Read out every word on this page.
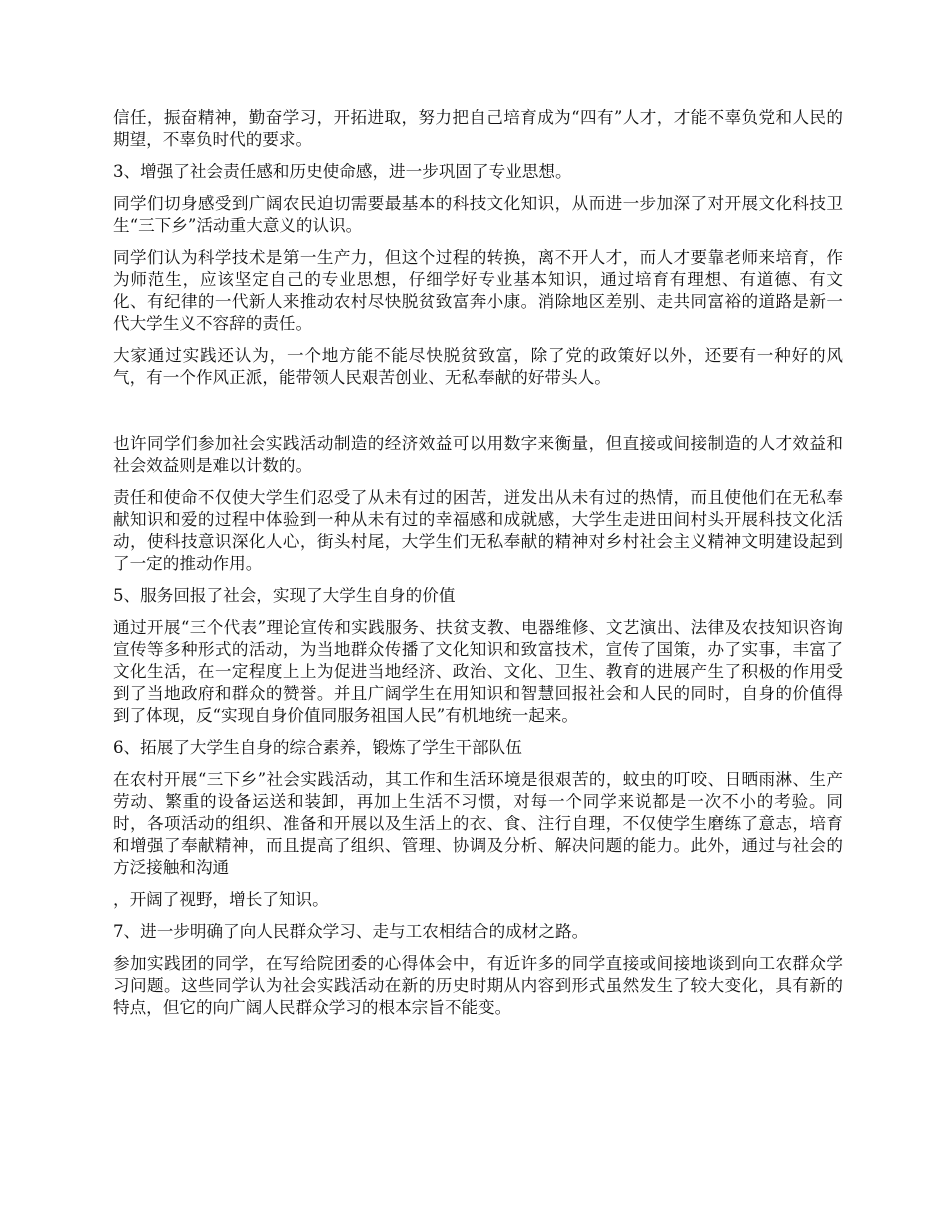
信任，振奋精神，勤奋学习，开拓进取，努力把自己培育成为“四有”人才，才能不辜负党和人民的期望，不辜负时代的要求。

3、增强了社会责任感和历史使命感，进一步巩固了专业思想。

同学们切身感受到广阔农民迫切需要最基本的科技文化知识，从而进一步加深了对开展文化科技卫生“三下乡”活动重大意义的认识。

同学们认为科学技术是第一生产力，但这个过程的转换，离不开人才，而人才要靠老师来培育，作为师范生，应该坚定自己的专业思想，仔细学好专业基本知识，通过培育有理想、有道德、有文化、有纪律的一代新人来推动农村尽快脱贫致富奔小康。消除地区差别、走共同富裕的道路是新一代大学生义不容辞的责任。

大家通过实践还认为，一个地方能不能尽快脱贫致富，除了党的政策好以外，还要有一种好的风气，有一个作风正派，能带领人民艰苦创业、无私奉献的好带头人。

也许同学们参加社会实践活动制造的经济效益可以用数字来衡量，但直接或间接制造的人才效益和社会效益则是难以计数的。

责任和使命不仅使大学生们忍受了从未有过的困苦，迸发出从未有过的热情，而且使他们在无私奉献知识和爱的过程中体验到一种从未有过的幸福感和成就感，大学生走进田间村头开展科技文化活动，使科技意识深化人心，街头村尾，大学生们无私奉献的精神对乡村社会主义精神文明建设起到了一定的推动作用。

5、服务回报了社会，实现了大学生自身的价值

通过开展“三个代表”理论宣传和实践服务、扶贫支教、电器维修、文艺演出、法律及农技知识咨询宣传等多种形式的活动，为当地群众传播了文化知识和致富技术，宣传了国策，办了实事，丰富了文化生活，在一定程度上上为促进当地经济、政治、文化、卫生、教育的进展产生了积极的作用受到了当地政府和群众的赞誉。并且广阔学生在用知识和智慧回报社会和人民的同时，自身的价值得到了体现，反“实现自身价值同服务祖国人民”有机地统一起来。

6、拓展了大学生自身的综合素养，锻炼了学生干部队伍

在农村开展“三下乡”社会实践活动，其工作和生活环境是很艰苦的，蚊虫的叮咬、日晒雨淋、生产劳动、繁重的设备运送和装卸，再加上生活不习惯，对每一个同学来说都是一次不小的考验。同时，各项活动的组织、准备和开展以及生活上的衣、食、注行自理，不仅使学生磨练了意志，培育和增强了奉献精神，而且提高了组织、管理、协调及分析、解决问题的能力。此外，通过与社会的方泛接触和沟通

，开阔了视野，增长了知识。

7、进一步明确了向人民群众学习、走与工农相结合的成材之路。

参加实践团的同学，在写给院团委的心得体会中，有近许多的同学直接或间接地谈到向工农群众学习问题。这些同学认为社会实践活动在新的历史时期从内容到形式虽然发生了较大变化，具有新的特点，但它的向广阔人民群众学习的根本宗旨不能变。
